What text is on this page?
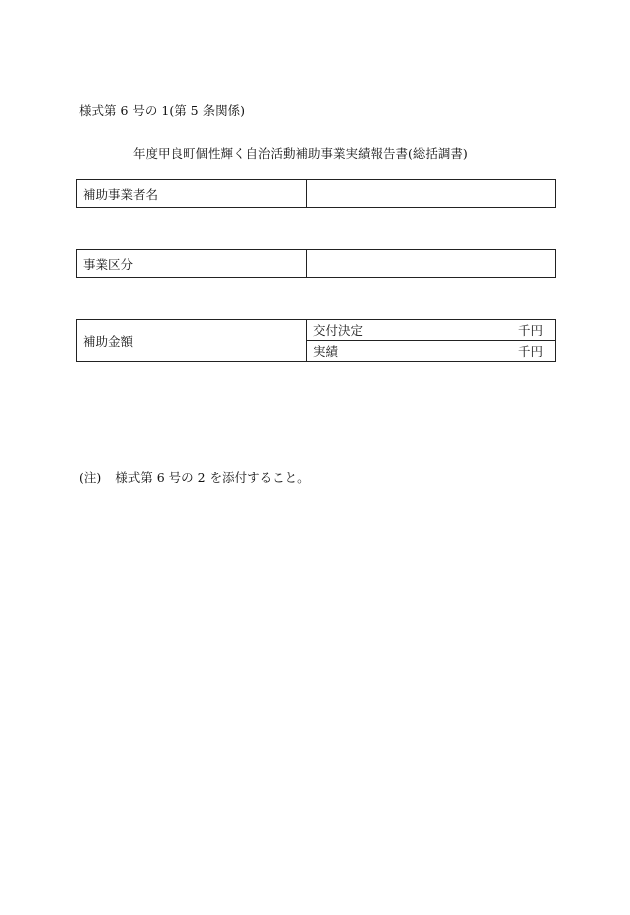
様式第 6 号の 1(第 5 条関係)
年度甲良町個性輝く自治活動補助事業実績報告書(総括調書)
補助事業者名	
事業区分	
補助金額	交付決定	千円

実績	千円
(注) 様式第 6 号の 2 を添付すること。
